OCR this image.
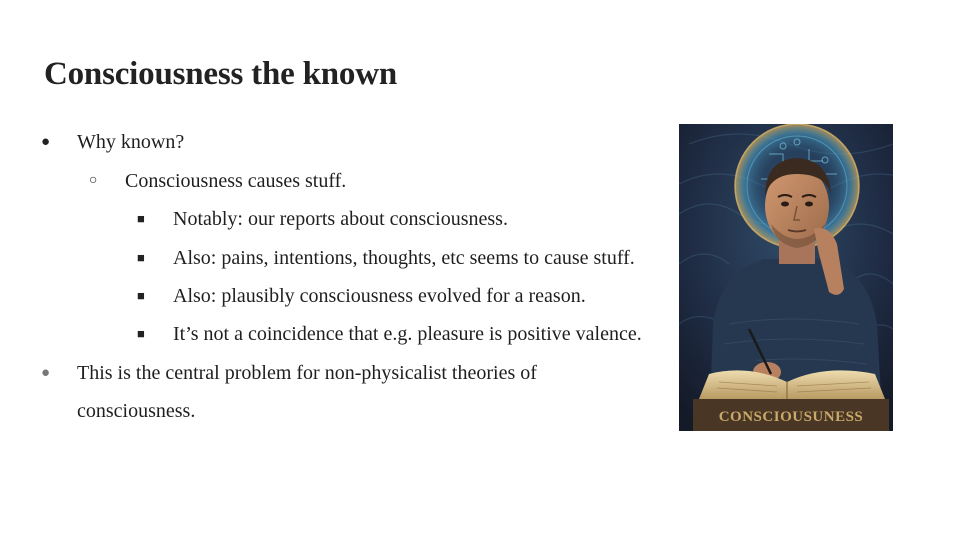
Consciousness the known
● Why known?
○ Consciousness causes stuff.
■ Notably: our reports about consciousness.
■ Also: pains, intentions, thoughts, etc seems to cause stuff.
■ Also: plausibly consciousness evolved for a reason.
■ It’s not a coincidence that e.g. pleasure is positive valence.
● This is the central problem for non-physicalist theories of
consciousness.	CONSCIOUSUNESS
